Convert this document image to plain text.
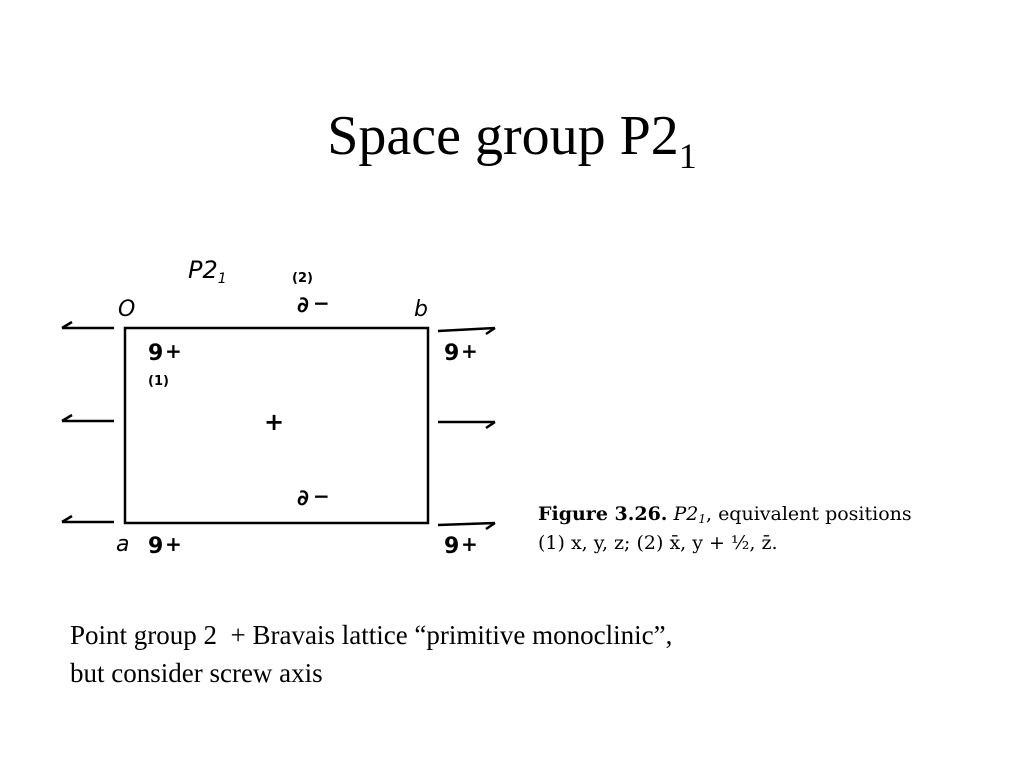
Space group $P2_1$
$P2_1$	(2)
O	b
a
∂ −
9 +
(1)
9 +
+
∂ −
9 +	9 +
Figure 3.26. $P2_1$, equivalent positions
(1) x, y, z; (2) x̄, y + ½, z̄.
Point group 2  + Bravais lattice “primitive monoclinic”,
but consider screw axis
